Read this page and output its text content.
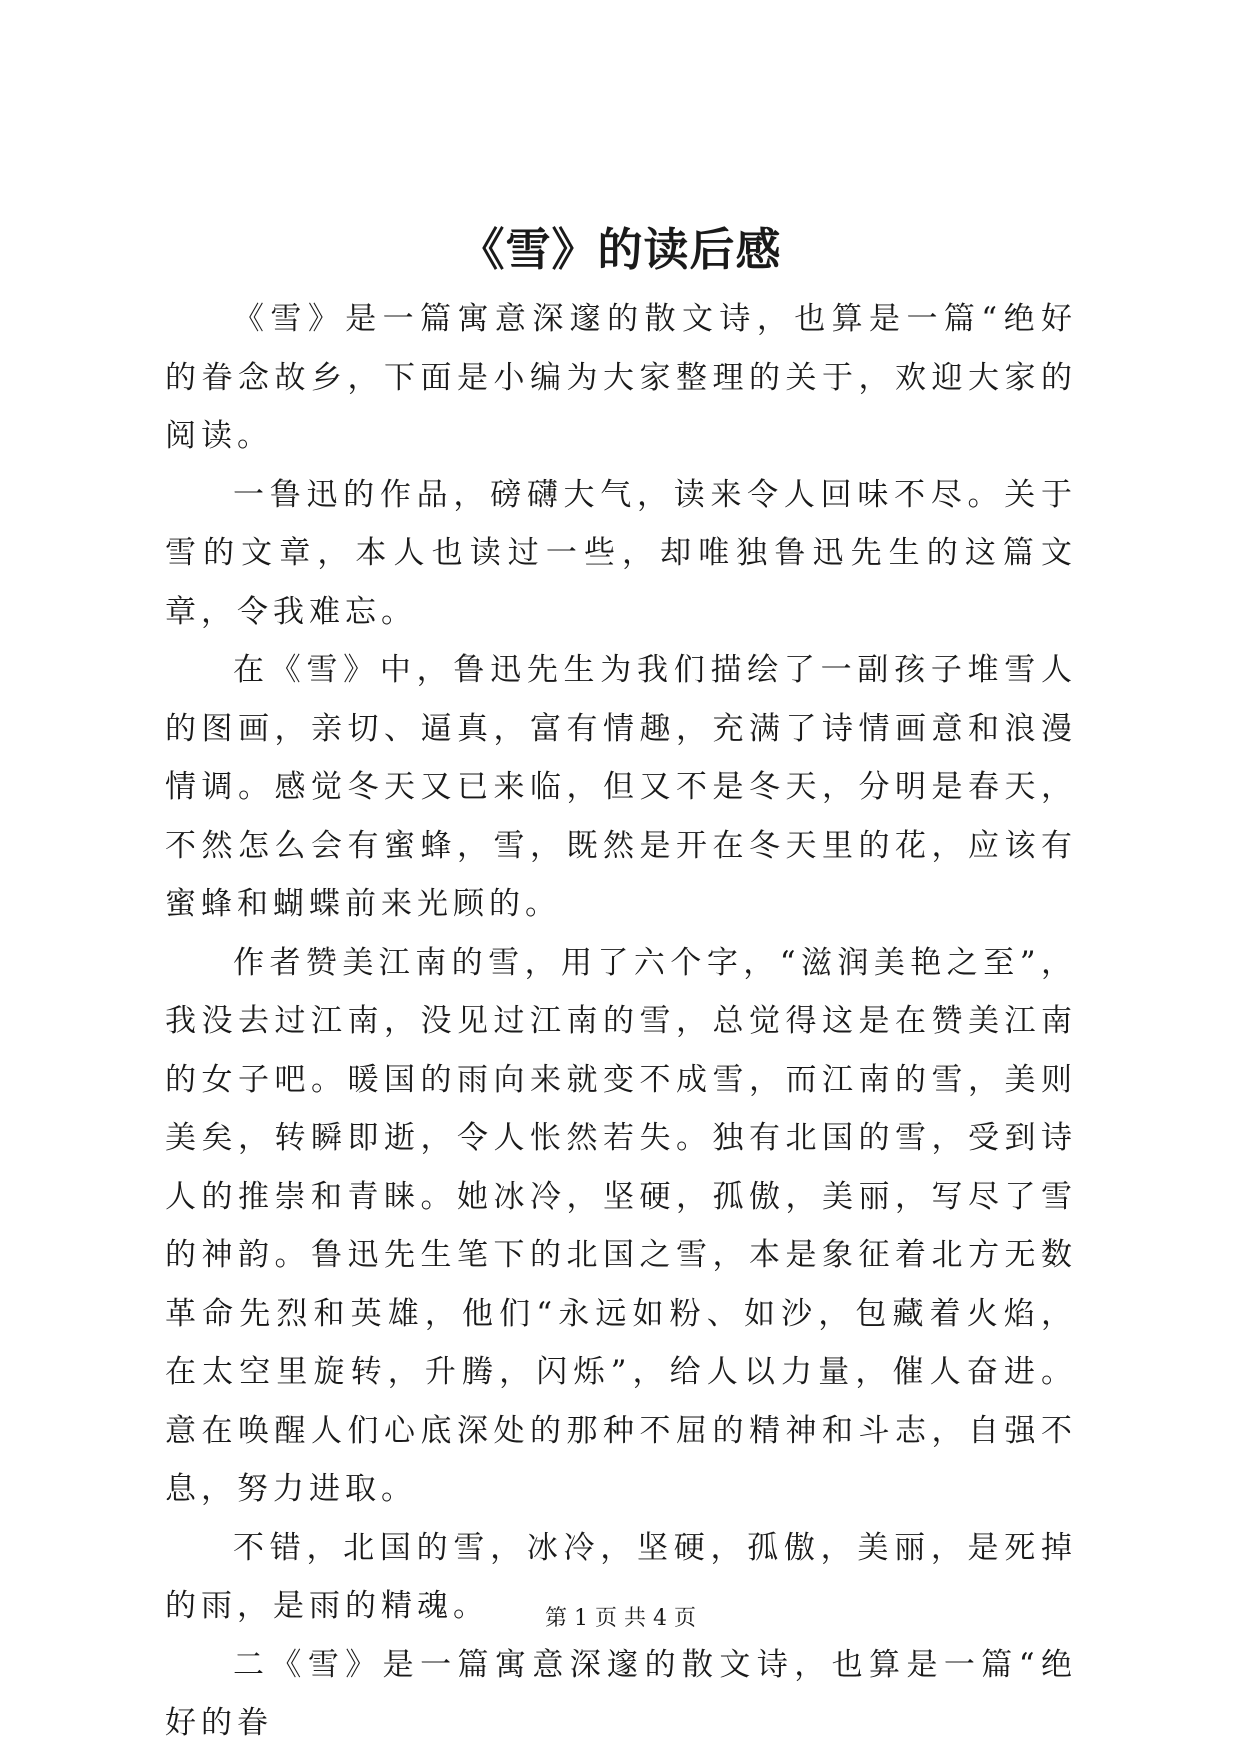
《雪》的读后感

《雪》是一篇寓意深邃的散文诗，也算是一篇“绝好的眷念故乡，下面是小编为大家整理的关于，欢迎大家的阅读。

一鲁迅的作品，磅礴大气，读来令人回味不尽。关于雪的文章，本人也读过一些，却唯独鲁迅先生的这篇文章，令我难忘。

在《雪》中，鲁迅先生为我们描绘了一副孩子堆雪人的图画，亲切、逼真，富有情趣，充满了诗情画意和浪漫情调。感觉冬天又已来临，但又不是冬天，分明是春天，不然怎么会有蜜蜂，雪，既然是开在冬天里的花，应该有蜜蜂和蝴蝶前来光顾的。

作者赞美江南的雪，用了六个字，“滋润美艳之至”，我没去过江南，没见过江南的雪，总觉得这是在赞美江南的女子吧。暖国的雨向来就变不成雪，而江南的雪，美则美矣，转瞬即逝，令人怅然若失。独有北国的雪，受到诗人的推崇和青睐。她冰冷，坚硬，孤傲，美丽，写尽了雪的神韵。鲁迅先生笔下的北国之雪，本是象征着北方无数革命先烈和英雄，他们“永远如粉、如沙，包藏着火焰，在太空里旋转，升腾，闪烁”，给人以力量，催人奋进。意在唤醒人们心底深处的那种不屈的精神和斗志，自强不息，努力进取。

不错，北国的雪，冰冷，坚硬，孤傲，美丽，是死掉的雨，是雨的精魂。

二《雪》是一篇寓意深邃的散文诗，也算是一篇“绝好的眷

第 1 页 共 4 页
